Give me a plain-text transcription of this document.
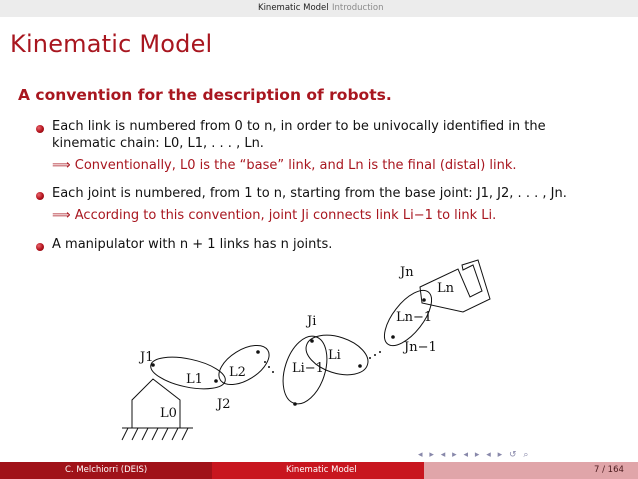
Kinematic Model Introduction
Kinematic Model
A convention for the description of robots.
Each link is numbered from 0 to n, in order to be univocally identified in the
kinematic chain: L0, L1, . . . , Ln.
⟹ Conventionally, L0 is the “base” link, and Ln is the final (distal) link.
Each joint is numbered, from 1 to n, starting from the base joint: J1, J2, . . . , Jn.
⟹ According to this convention, joint Ji connects link Li−1 to link Li.
A manipulator with n + 1 links has n joints.
J1
L1 L2
L0
J2
Li−1
Ji
Li
Jn
Ln
Ln−1
Jn−1
◂ ▸ ◂ ▸ ◂ ▸ ◂ ▸ ↺ ⌕
C. Melchiorri (DEIS)	Kinematic Model	7 / 164
